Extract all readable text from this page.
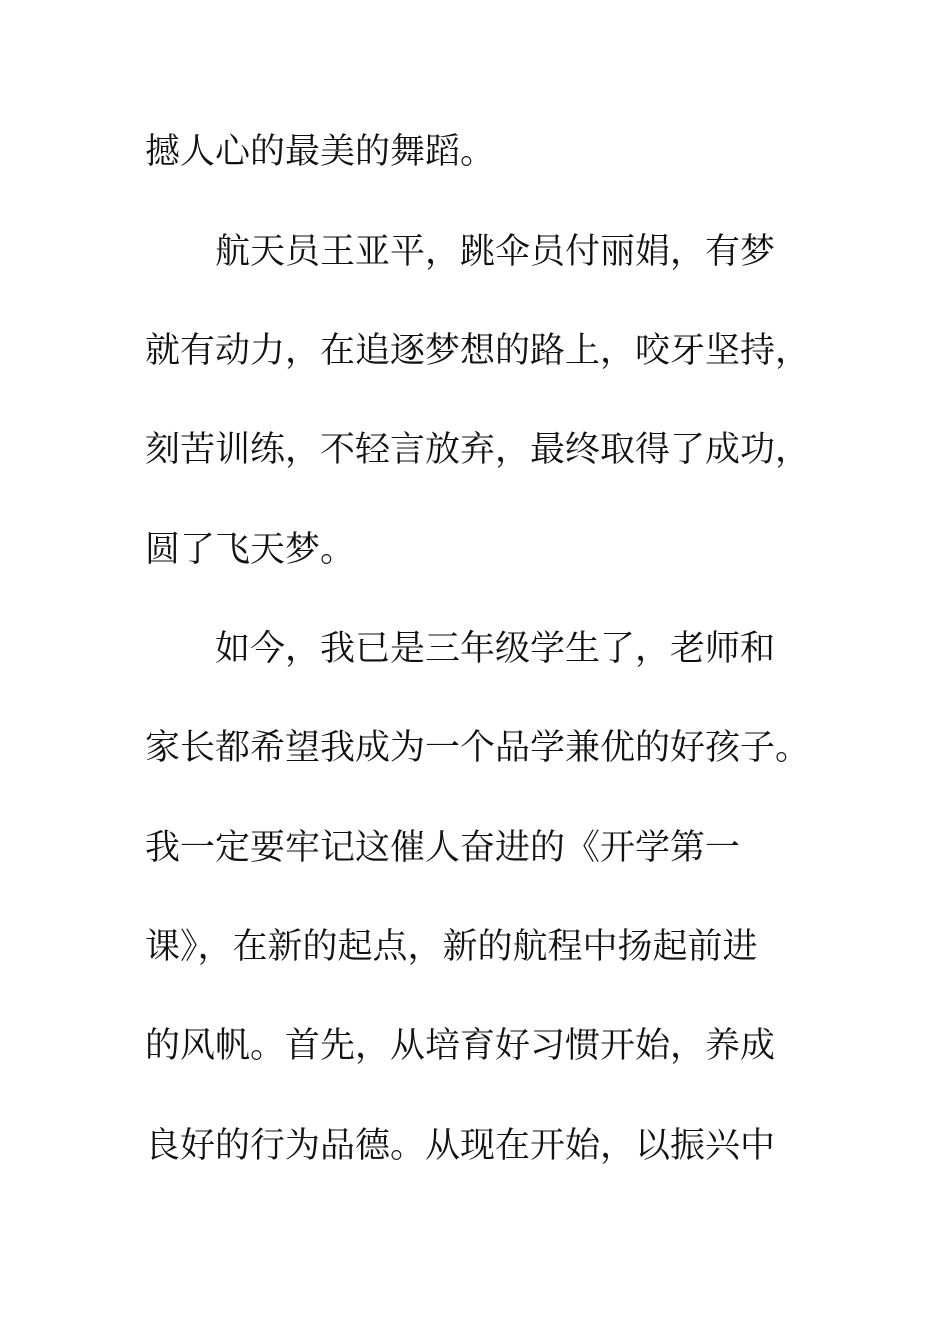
撼人心的最美的舞蹈。
航天员王亚平，跳伞员付丽娟，有梦
就有动力，在追逐梦想的路上，咬牙坚持，
刻苦训练，不轻言放弃，最终取得了成功，
圆了飞天梦。
如今，我已是三年级学生了，老师和
家长都希望我成为一个品学兼优的好孩子。
我一定要牢记这催人奋进的《开学第一
课》，在新的起点，新的航程中扬起前进
的风帆。首先，从培育好习惯开始，养成
良好的行为品德。从现在开始，以振兴中
